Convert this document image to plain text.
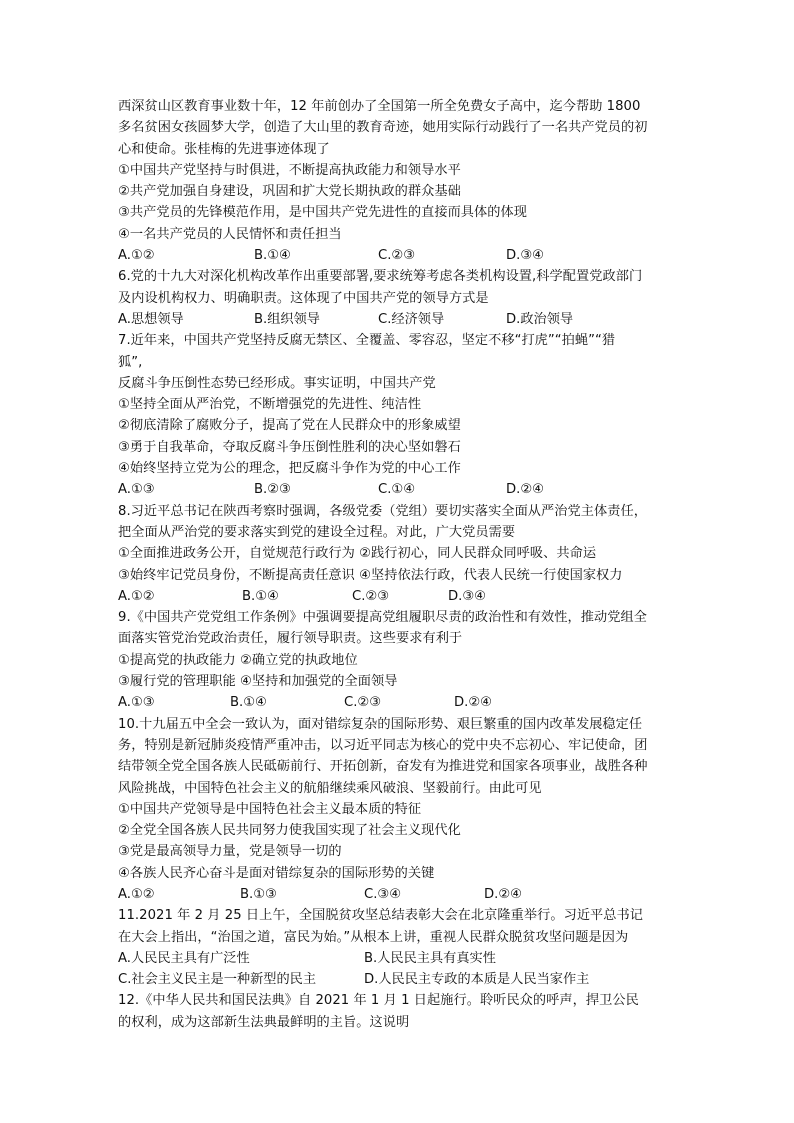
西深贫山区教育事业数十年，12 年前创办了全国第一所全免费女子高中，迄今帮助 1800
多名贫困女孩圆梦大学，创造了大山里的教育奇迹，她用实际行动践行了一名共产党员的初
心和使命。张桂梅的先进事迹体现了
①中国共产党坚持与时俱进，不断提高执政能力和领导水平
②共产党加强自身建设，巩固和扩大党长期执政的群众基础
③共产党员的先锋模范作用，是中国共产党先进性的直接而具体的体现
④一名共产党员的人民情怀和责任担当
A.①②	B.①④	C.②③	D.③④
6.党的十九大对深化机构改革作出重要部署,要求统筹考虑各类机构设置,科学配置党政部门
及内设机构权力、明确职责。这体现了中国共产党的领导方式是
A.思想领导	B.组织领导	C.经济领导	D.政治领导
7.近年来，中国共产党坚持反腐无禁区、全覆盖、零容忍，坚定不移“打虎”“拍蝇”“猎
狐”,
反腐斗争压倒性态势已经形成。事实证明，中国共产党
①坚持全面从严治党，不断增强党的先进性、纯洁性
②彻底清除了腐败分子，提高了党在人民群众中的形象威望
③勇于自我革命，夺取反腐斗争压倒性胜利的决心坚如磐石
④始终坚持立党为公的理念，把反腐斗争作为党的中心工作
A.①③	B.②③	C.①④	D.②④
8.习近平总书记在陕西考察时强调，各级党委（党组）要切实落实全面从严治党主体责任，
把全面从严治党的要求落实到党的建设全过程。对此，广大党员需要
①全面推进政务公开，自觉规范行政行为 ②践行初心，同人民群众同呼吸、共命运
③始终牢记党员身份，不断提高责任意识 ④坚持依法行政，代表人民统一行使国家权力
A.①②	B.①④	C.②③	D.③④
9.《中国共产党党组工作条例》中强调要提高党组履职尽责的政治性和有效性，推动党组全
面落实管党治党政治责任，履行领导职责。这些要求有利于
①提高党的执政能力 ②确立党的执政地位
③履行党的管理职能 ④坚持和加强党的全面领导
A.①③	B.①④	C.②③	D.②④
10.十九届五中全会一致认为，面对错综复杂的国际形势、艰巨繁重的国内改革发展稳定任
务，特别是新冠肺炎疫情严重冲击，以习近平同志为核心的党中央不忘初心、牢记使命，团
结带领全党全国各族人民砥砺前行、开拓创新，奋发有为推进党和国家各项事业，战胜各种
风险挑战，中国特色社会主义的航船继续乘风破浪、坚毅前行。由此可见
①中国共产党领导是中国特色社会主义最本质的特征
②全党全国各族人民共同努力使我国实现了社会主义现代化
③党是最高领导力量，党是领导一切的
④各族人民齐心奋斗是面对错综复杂的国际形势的关键
A.①②	B.①③	C.③④	D.②④
11.2021 年 2 月 25 日上午，全国脱贫攻坚总结表彰大会在北京隆重举行。习近平总书记
在大会上指出，“治国之道，富民为始。”从根本上讲，重视人民群众脱贫攻坚问题是因为
A.人民民主具有广泛性	B.人民民主具有真实性
C.社会主义民主是一种新型的民主	D.人民民主专政的本质是人民当家作主
12.《中华人民共和国民法典》自 2021 年 1 月 1 日起施行。聆听民众的呼声，捍卫公民
的权利，成为这部新生法典最鲜明的主旨。这说明
